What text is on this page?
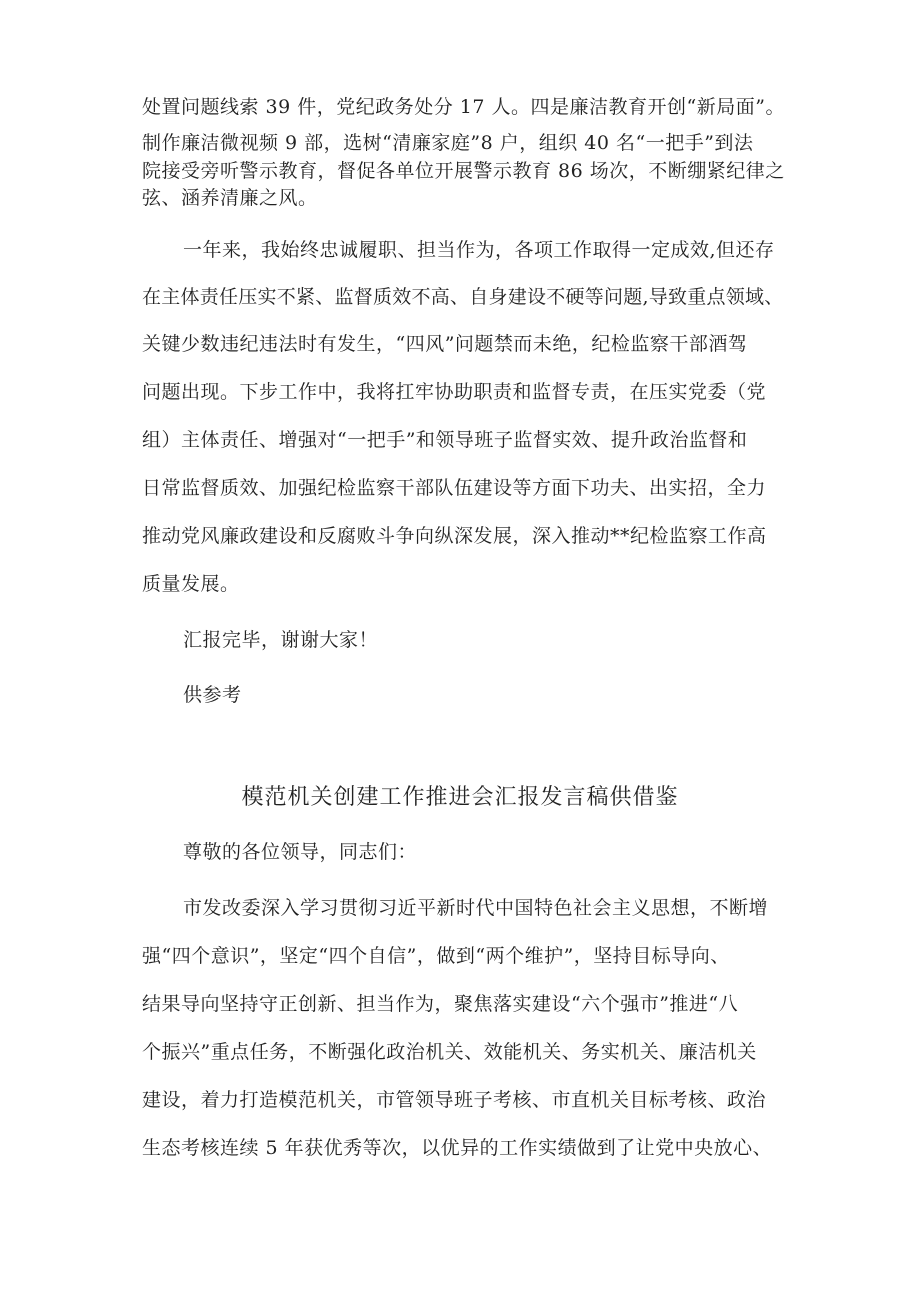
处置问题线索 39 件，党纪政务处分 17 人。四是廉洁教育开创“新局面”。
制作廉洁微视频 9 部，选树“清廉家庭”8 户，组织 40 名“一把手”到法
院接受旁听警示教育，督促各单位开展警示教育 86 场次，不断绷紧纪律之
弦、涵养清廉之风。
一年来，我始终忠诚履职、担当作为，各项工作取得一定成效,但还存
在主体责任压实不紧、监督质效不高、自身建设不硬等问题,导致重点领域、
关键少数违纪违法时有发生，“四风”问题禁而未绝，纪检监察干部酒驾
问题出现。下步工作中，我将扛牢协助职责和监督专责，在压实党委（党
组）主体责任、增强对“一把手”和领导班子监督实效、提升政治监督和
日常监督质效、加强纪检监察干部队伍建设等方面下功夫、出实招，全力
推动党风廉政建设和反腐败斗争向纵深发展，深入推动**纪检监察工作高
质量发展。
汇报完毕，谢谢大家！
供参考
模范机关创建工作推进会汇报发言稿供借鉴
尊敬的各位领导，同志们：
市发改委深入学习贯彻习近平新时代中国特色社会主义思想，不断增
强“四个意识”，坚定“四个自信”，做到“两个维护”，坚持目标导向、
结果导向坚持守正创新、担当作为，聚焦落实建设“六个强市”推进“八
个振兴”重点任务，不断强化政治机关、效能机关、务实机关、廉洁机关
建设，着力打造模范机关，市管领导班子考核、市直机关目标考核、政治
生态考核连续 5 年获优秀等次，以优异的工作实绩做到了让党中央放心、
